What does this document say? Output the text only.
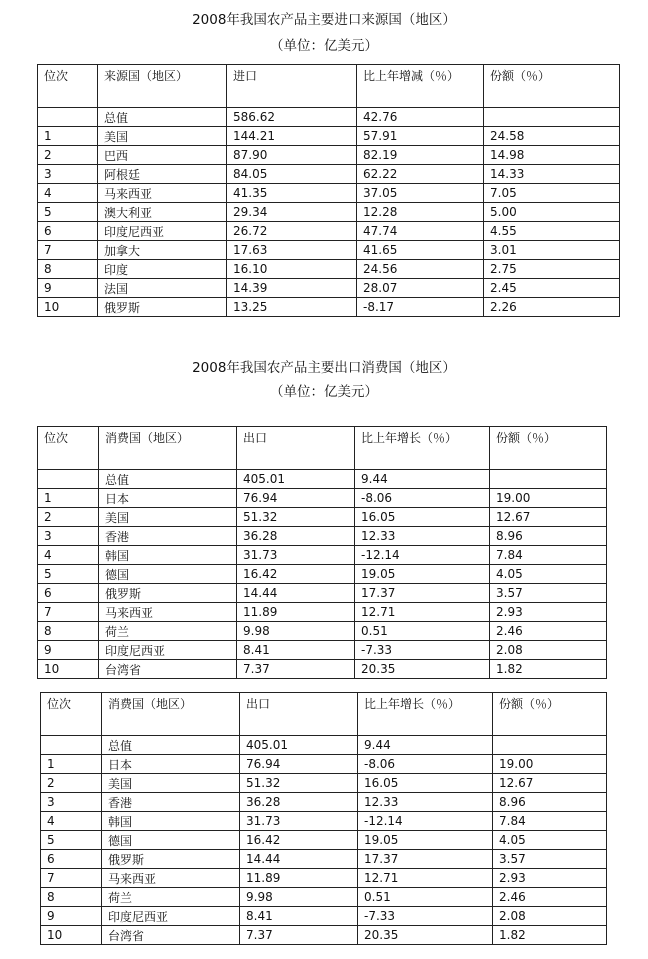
2008年我国农产品主要进口来源国（地区）
（单位：亿美元）
位次	来源国（地区）	进口	比上年增减（％）	份额（％）
	总值	586.62	42.76	
1	美国	144.21	57.91	24.58
2	巴西	87.90	82.19	14.98
3	阿根廷	84.05	62.22	14.33
4	马来西亚	41.35	37.05	7.05
5	澳大利亚	29.34	12.28	5.00
6	印度尼西亚	26.72	47.74	4.55
7	加拿大	17.63	41.65	3.01
8	印度	16.10	24.56	2.75
9	法国	14.39	28.07	2.45
10	俄罗斯	13.25	-8.17	2.26
2008年我国农产品主要出口消费国（地区）
（单位：亿美元）
位次	消费国（地区）	出口	比上年增长（％）	份额（％）
	总值	405.01	9.44	
1	日本	76.94	-8.06	19.00
2	美国	51.32	16.05	12.67
3	香港	36.28	12.33	8.96
4	韩国	31.73	-12.14	7.84
5	德国	16.42	19.05	4.05
6	俄罗斯	14.44	17.37	3.57
7	马来西亚	11.89	12.71	2.93
8	荷兰	9.98	0.51	2.46
9	印度尼西亚	8.41	-7.33	2.08
10	台湾省	7.37	20.35	1.82
位次	消费国（地区）	出口	比上年增长（％）	份额（％）
	总值	405.01	9.44	
1	日本	76.94	-8.06	19.00
2	美国	51.32	16.05	12.67
3	香港	36.28	12.33	8.96
4	韩国	31.73	-12.14	7.84
5	德国	16.42	19.05	4.05
6	俄罗斯	14.44	17.37	3.57
7	马来西亚	11.89	12.71	2.93
8	荷兰	9.98	0.51	2.46
9	印度尼西亚	8.41	-7.33	2.08
10	台湾省	7.37	20.35	1.82
